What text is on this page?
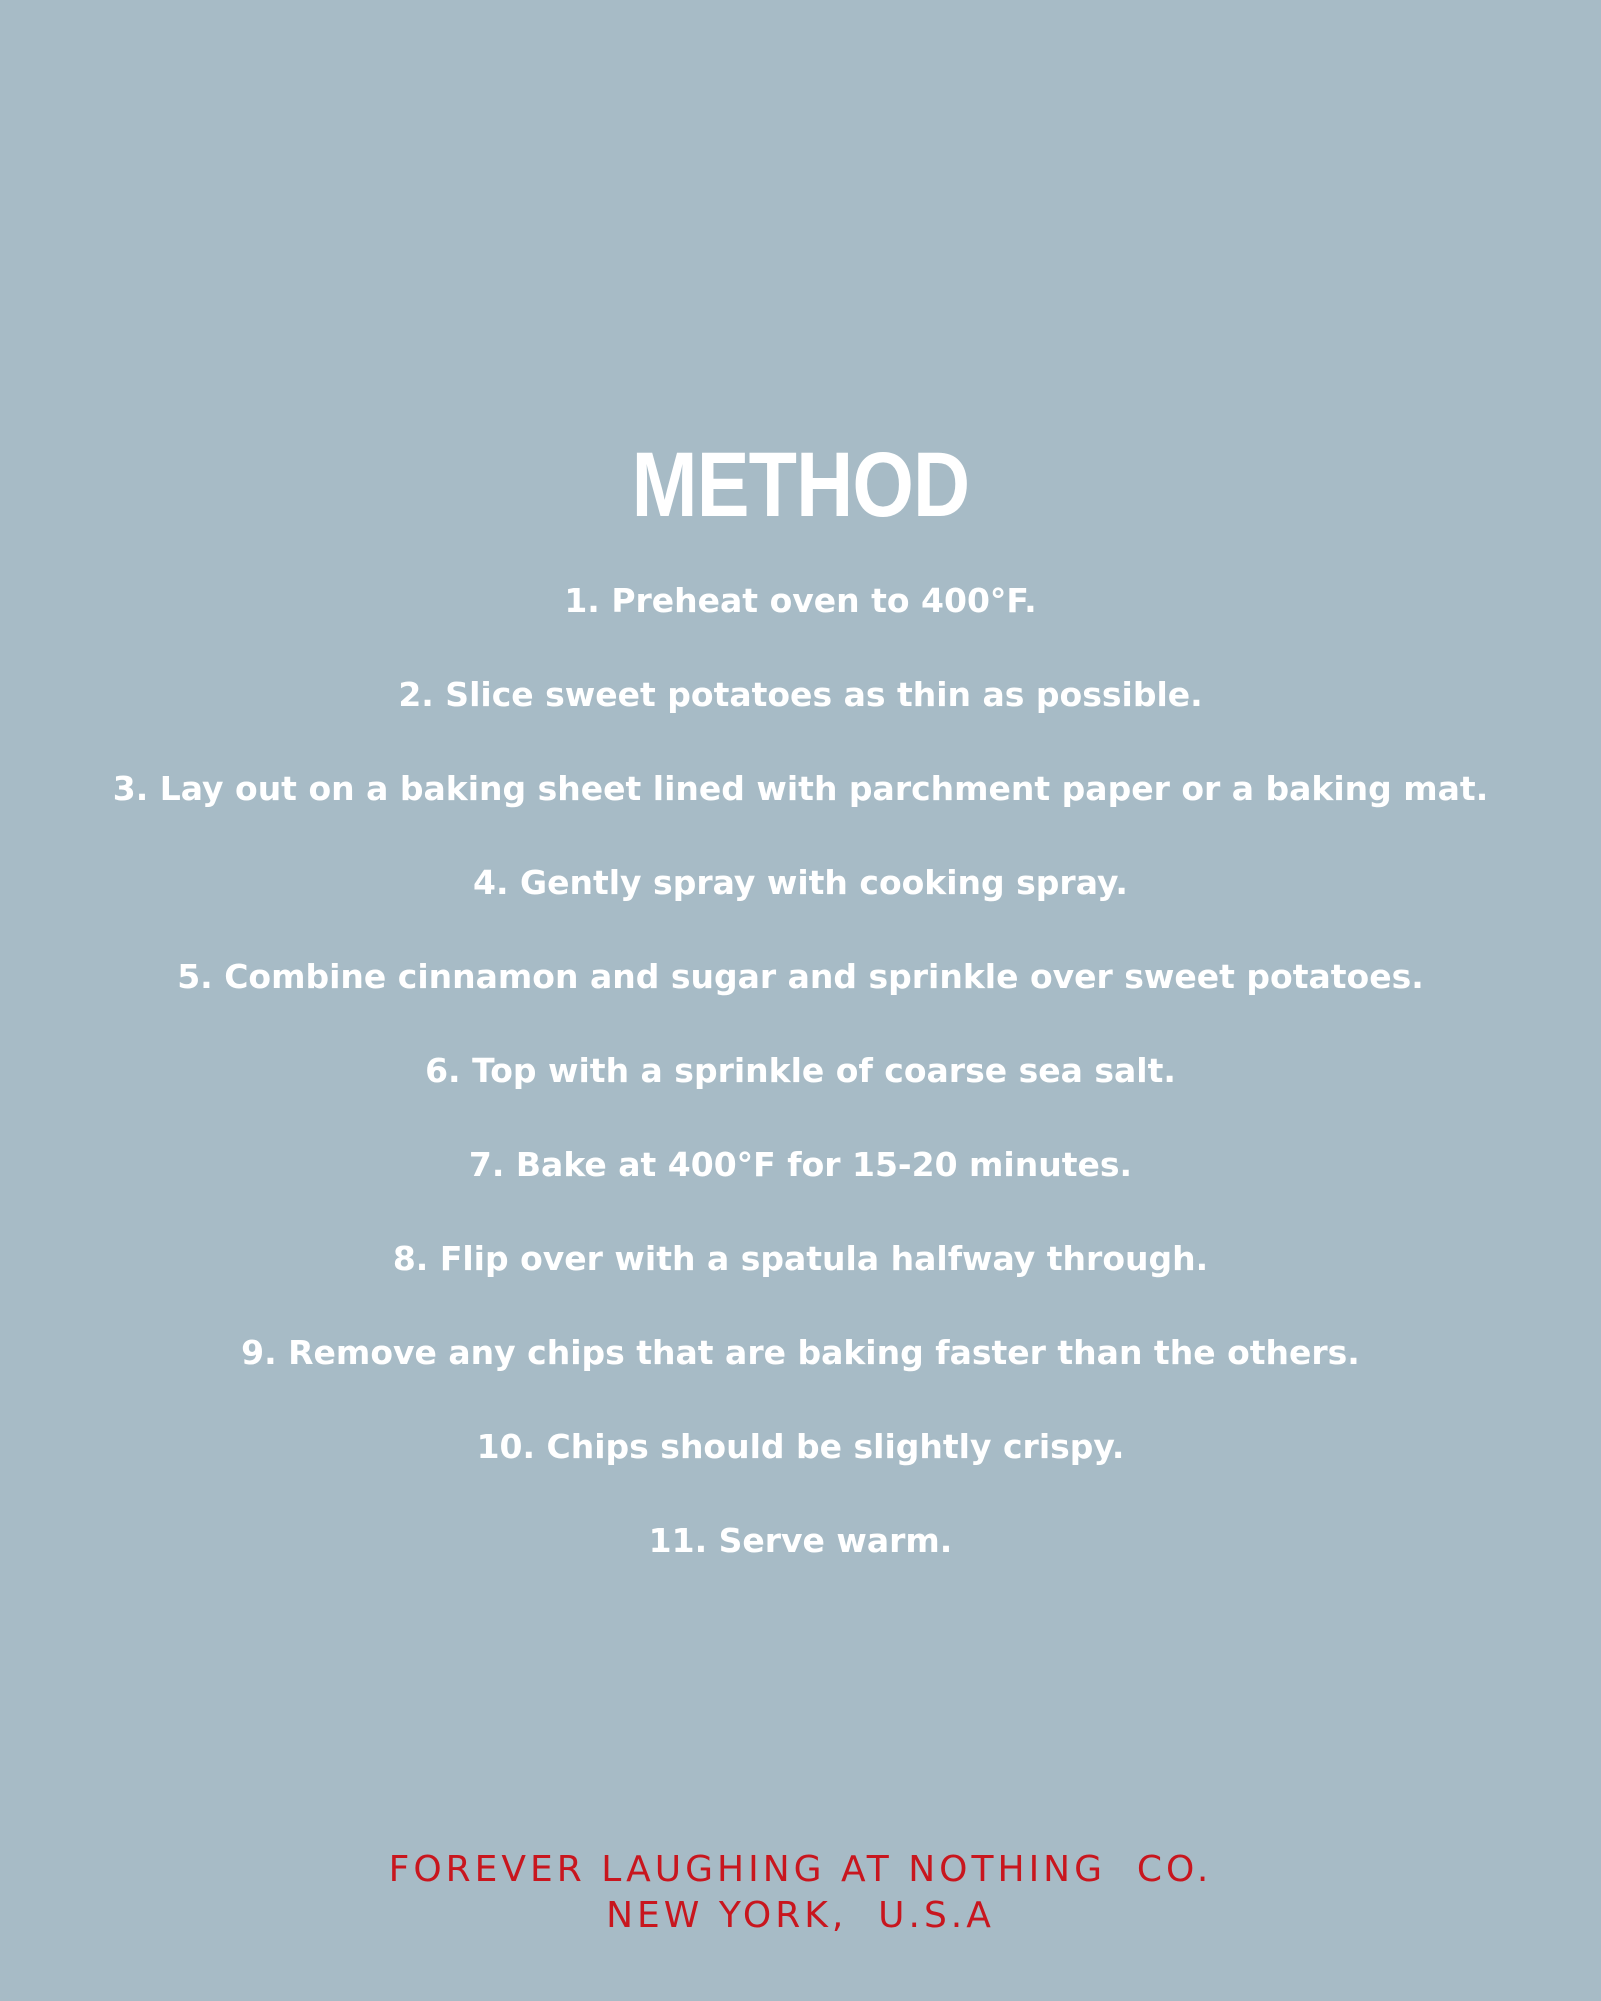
METHOD
1. Preheat oven to 400°F.
2. Slice sweet potatoes as thin as possible.
3. Lay out on a baking sheet lined with parchment paper or a baking mat.
4. Gently spray with cooking spray.
5. Combine cinnamon and sugar and sprinkle over sweet potatoes.
6. Top with a sprinkle of coarse sea salt.
7. Bake at 400°F for 15-20 minutes.
8. Flip over with a spatula halfway through.
9. Remove any chips that are baking faster than the others.
10. Chips should be slightly crispy.
11. Serve warm.
FOREVER LAUGHING AT NOTHING  CO.
NEW YORK,  U.S.A
